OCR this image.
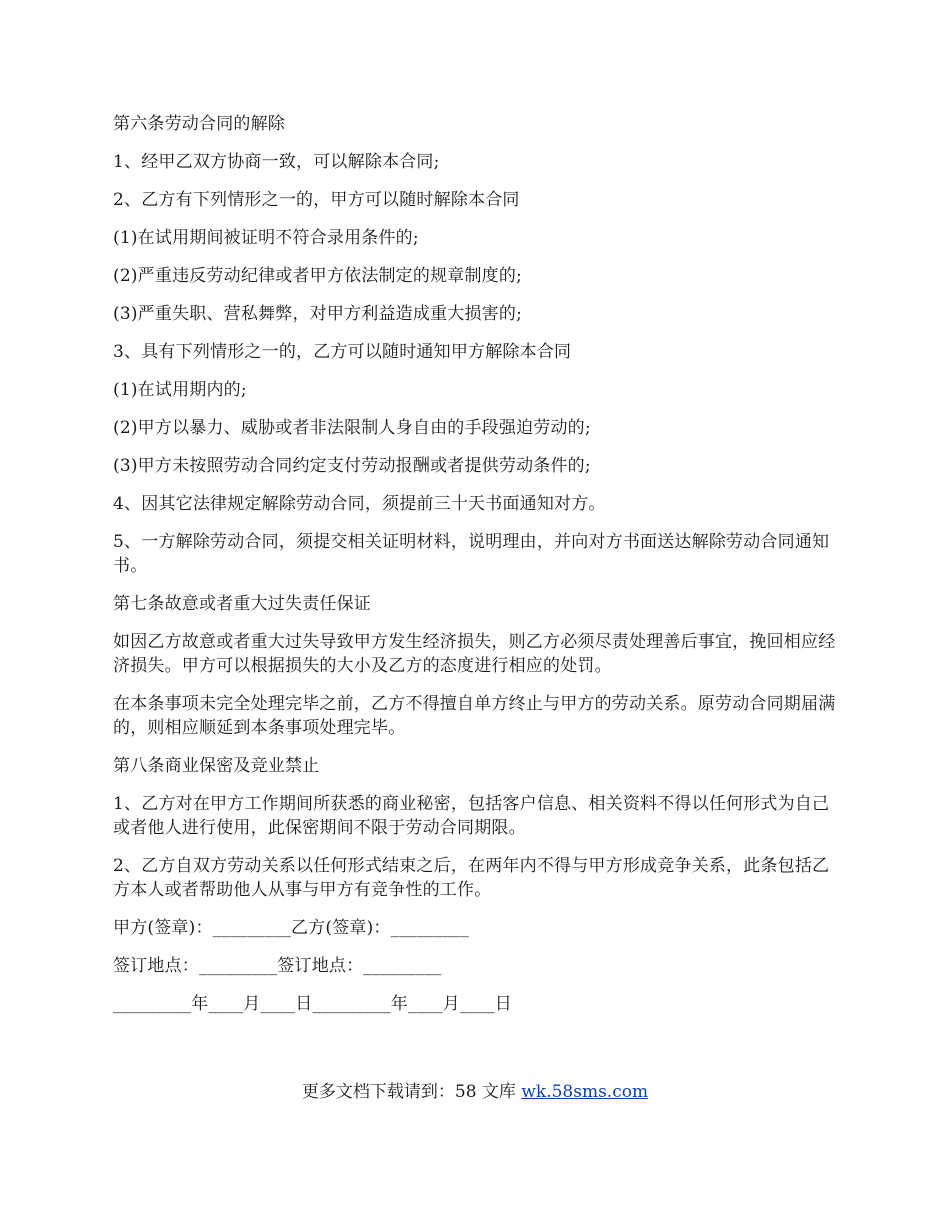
第六条劳动合同的解除

1、经甲乙双方协商一致，可以解除本合同;

2、乙方有下列情形之一的，甲方可以随时解除本合同

(1)在试用期间被证明不符合录用条件的;

(2)严重违反劳动纪律或者甲方依法制定的规章制度的;

(3)严重失职、营私舞弊，对甲方利益造成重大损害的;

3、具有下列情形之一的，乙方可以随时通知甲方解除本合同

(1)在试用期内的;

(2)甲方以暴力、威胁或者非法限制人身自由的手段强迫劳动的;

(3)甲方未按照劳动合同约定支付劳动报酬或者提供劳动条件的;

4、因其它法律规定解除劳动合同，须提前三十天书面通知对方。

5、一方解除劳动合同，须提交相关证明材料，说明理由，并向对方书面送达解除劳动合同通知书。

第七条故意或者重大过失责任保证

如因乙方故意或者重大过失导致甲方发生经济损失，则乙方必须尽责处理善后事宜，挽回相应经济损失。甲方可以根据损失的大小及乙方的态度进行相应的处罚。

在本条事项未完全处理完毕之前，乙方不得擅自单方终止与甲方的劳动关系。原劳动合同期届满的，则相应顺延到本条事项处理完毕。

第八条商业保密及竞业禁止

1、乙方对在甲方工作期间所获悉的商业秘密，包括客户信息、相关资料不得以任何形式为自己或者他人进行使用，此保密期间不限于劳动合同期限。

2、乙方自双方劳动关系以任何形式结束之后，在两年内不得与甲方形成竞争关系，此条包括乙方本人或者帮助他人从事与甲方有竞争性的工作。

甲方(签章)：_________乙方(签章)：_________

签订地点：_________签订地点：_________

_________年____月____日_________年____月____日

更多文档下载请到：58 文库 wk.58sms.com
